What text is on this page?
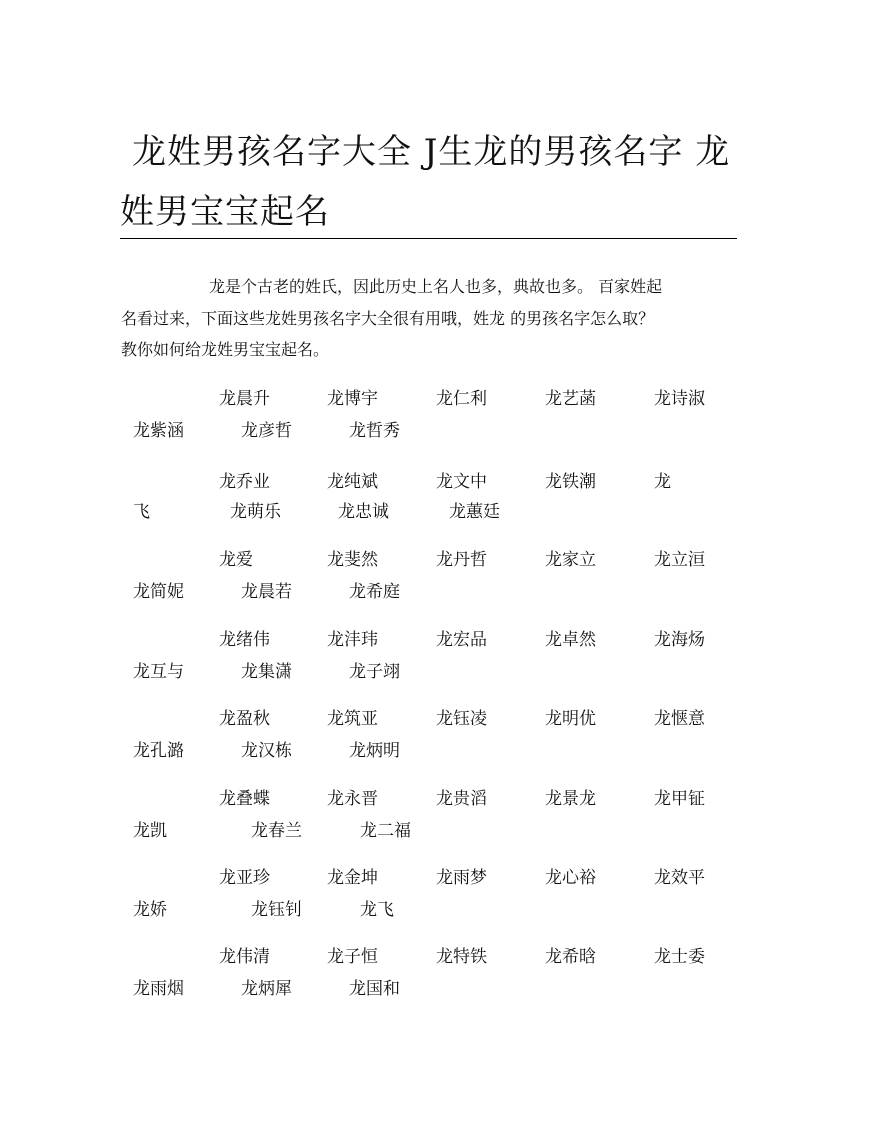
龙姓男孩名字大全 J生龙的男孩名字 龙
姓男宝宝起名

龙是个古老的姓氏，因此历史上名人也多，典故也多。 百家姓起
名看过来，下面这些龙姓男孩名字大全很有用哦，姓龙 的男孩名字怎么取？
教你如何给龙姓男宝宝起名。

龙晨升	龙博宇	龙仁利	龙艺菡	龙诗淑
龙紫涵	龙彦哲	龙哲秀
龙乔业	龙纯斌	龙文中	龙铁潮	龙
飞	龙萌乐	龙忠诚	龙蕙廷
龙爱	龙斐然	龙丹哲	龙家立	龙立洹
龙简妮	龙晨若	龙希庭
龙绪伟	龙沣玮	龙宏品	龙卓然	龙海炀
龙互与	龙集潇	龙子翊
龙盈秋	龙筑亚	龙钰凌	龙明优	龙惬意
龙孔潞	龙汉栋	龙炳明
龙叠蝶	龙永晋	龙贵滔	龙景龙	龙甲钲
龙凯	龙春兰	龙二福
龙亚珍	龙金坤	龙雨梦	龙心裕	龙效平
龙娇	龙钰钊	龙飞
龙伟清	龙子恒	龙特铁	龙希晗	龙士委
龙雨烟	龙炳犀	龙国和
